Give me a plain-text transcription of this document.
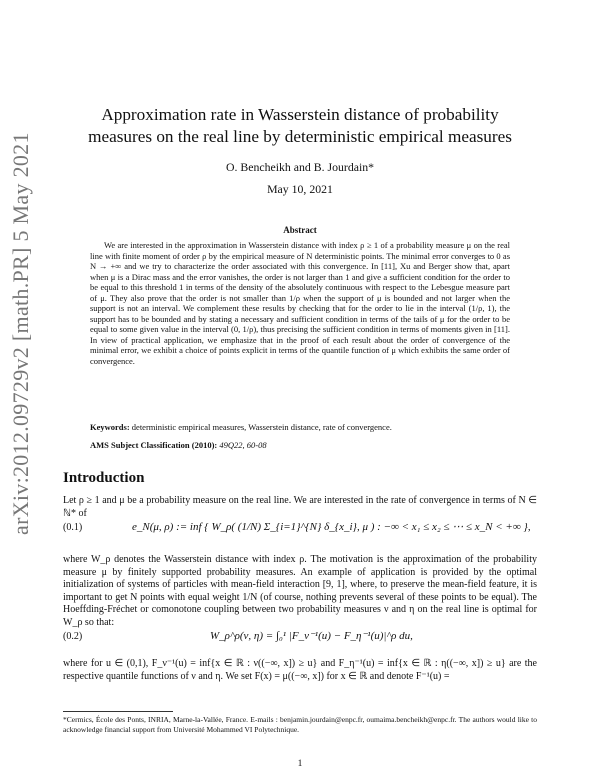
arXiv:2012.09729v2 [math.PR] 5 May 2021
Approximation rate in Wasserstein distance of probability
measures on the real line by deterministic empirical measures
O. Bencheikh and B. Jourdain*
May 10, 2021
Abstract

We are interested in the approximation in Wasserstein distance with index ρ ≥ 1 of a probability measure μ on the real line with finite moment of order ρ by the empirical measure of N deterministic points. The minimal error converges to 0 as N → +∞ and we try to characterize the order associated with this convergence. In [11], Xu and Berger show that, apart when μ is a Dirac mass and the error vanishes, the order is not larger than 1 and give a sufficient condition for the order to be equal to this threshold 1 in terms of the density of the absolutely continuous with respect to the Lebesgue measure part of μ. They also prove that the order is not smaller than 1/ρ when the support of μ is bounded and not larger when the support is not an interval. We complement these results by checking that for the order to lie in the interval (1/ρ, 1), the support has to be bounded and by stating a necessary and sufficient condition in terms of the tails of μ for the order to be equal to some given value in the interval (0, 1/ρ), thus precising the sufficient condition in terms of moments given in [11]. In view of practical application, we emphasize that in the proof of each result about the order of convergence of the minimal error, we exhibit a choice of points explicit in terms of the quantile function of μ which exhibits the same order of convergence.

Keywords: deterministic empirical measures, Wasserstein distance, rate of convergence.
AMS Subject Classification (2010): 49Q22, 60-08
Introduction

Let ρ ≥ 1 and μ be a probability measure on the real line. We are interested in the rate of convergence in terms of N ∈ ℕ* of

(0.1)	e_N(μ, ρ) := inf { W_ρ( (1/N) Σ_{i=1}^{N} δ_{x_i}, μ ) : −∞ < x₁ ≤ x₂ ≤ ⋯ ≤ x_N < +∞ },

where W_ρ denotes the Wasserstein distance with index ρ. The motivation is the approximation of the probability measure μ by finitely supported probability measures. An example of application is provided by the optimal initialization of systems of particles with mean-field interaction [9, 1], where, to preserve the mean-field feature, it is important to get N points with equal weight 1/N (of course, nothing prevents several of these points to be equal). The Hoeffding-Fréchet or comonotone coupling between two probability measures ν and η on the real line is optimal for W_ρ so that:

(0.2)	W_ρ^ρ(ν, η) = ∫₀¹ |F_ν⁻¹(u) − F_η⁻¹(u)|^ρ du,

where for u ∈ (0,1), F_ν⁻¹(u) = inf{x ∈ ℝ : ν((−∞, x]) ≥ u} and F_η⁻¹(u) = inf{x ∈ ℝ : η((−∞, x]) ≥ u} are the respective quantile functions of ν and η. We set F(x) = μ((−∞, x]) for x ∈ ℝ and denote F⁻¹(u) =

*Cermics, École des Ponts, INRIA, Marne-la-Vallée, France. E-mails : benjamin.jourdain@enpc.fr, oumaima.bencheikh@enpc.fr. The authors would like to acknowledge financial support from Université Mohammed VI Polytechnique.

1
